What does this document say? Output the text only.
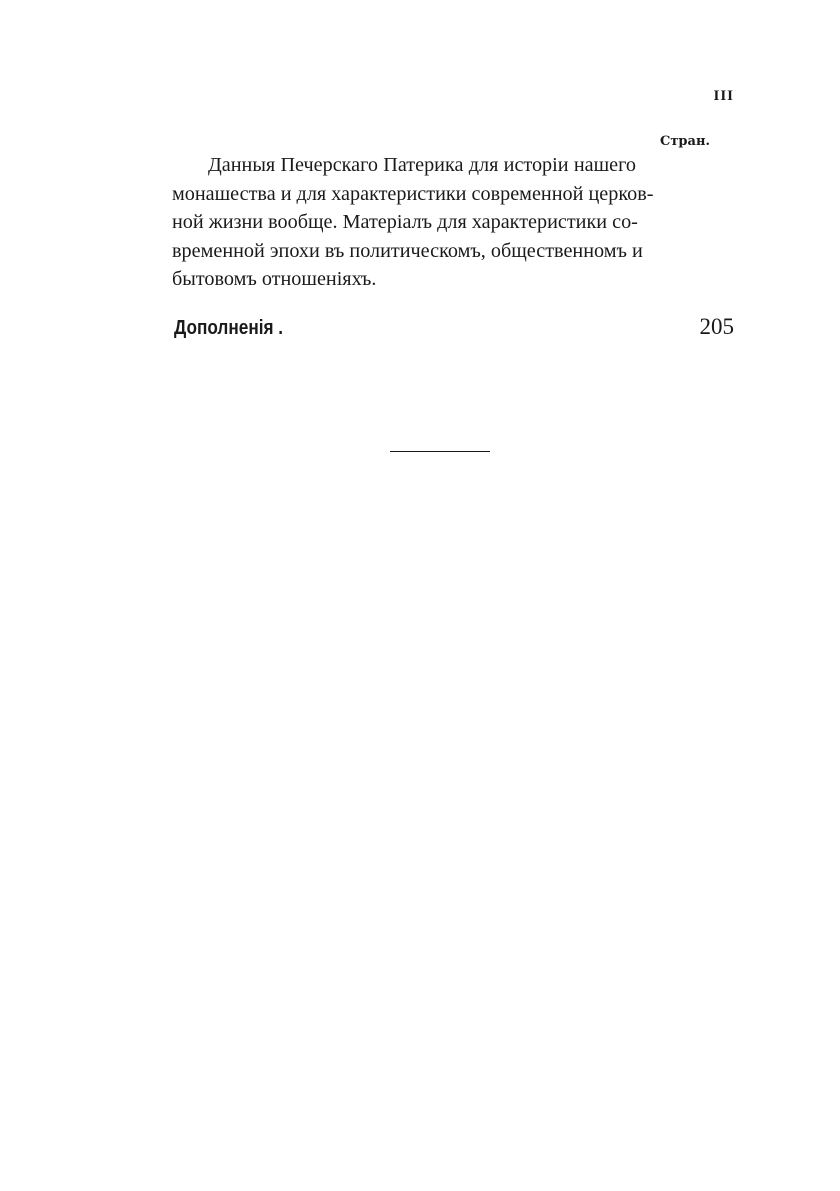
III
Стран.
Данныя Печерскаго Патерика для исторіи нашего
монашества и для характеристики современной церков-
ной жизни вообще. Матеріалъ для характеристики со-
временной эпохи въ политическомъ, общественномъ и
бытовомъ отношеніяхъ.
Дополненія .	205
